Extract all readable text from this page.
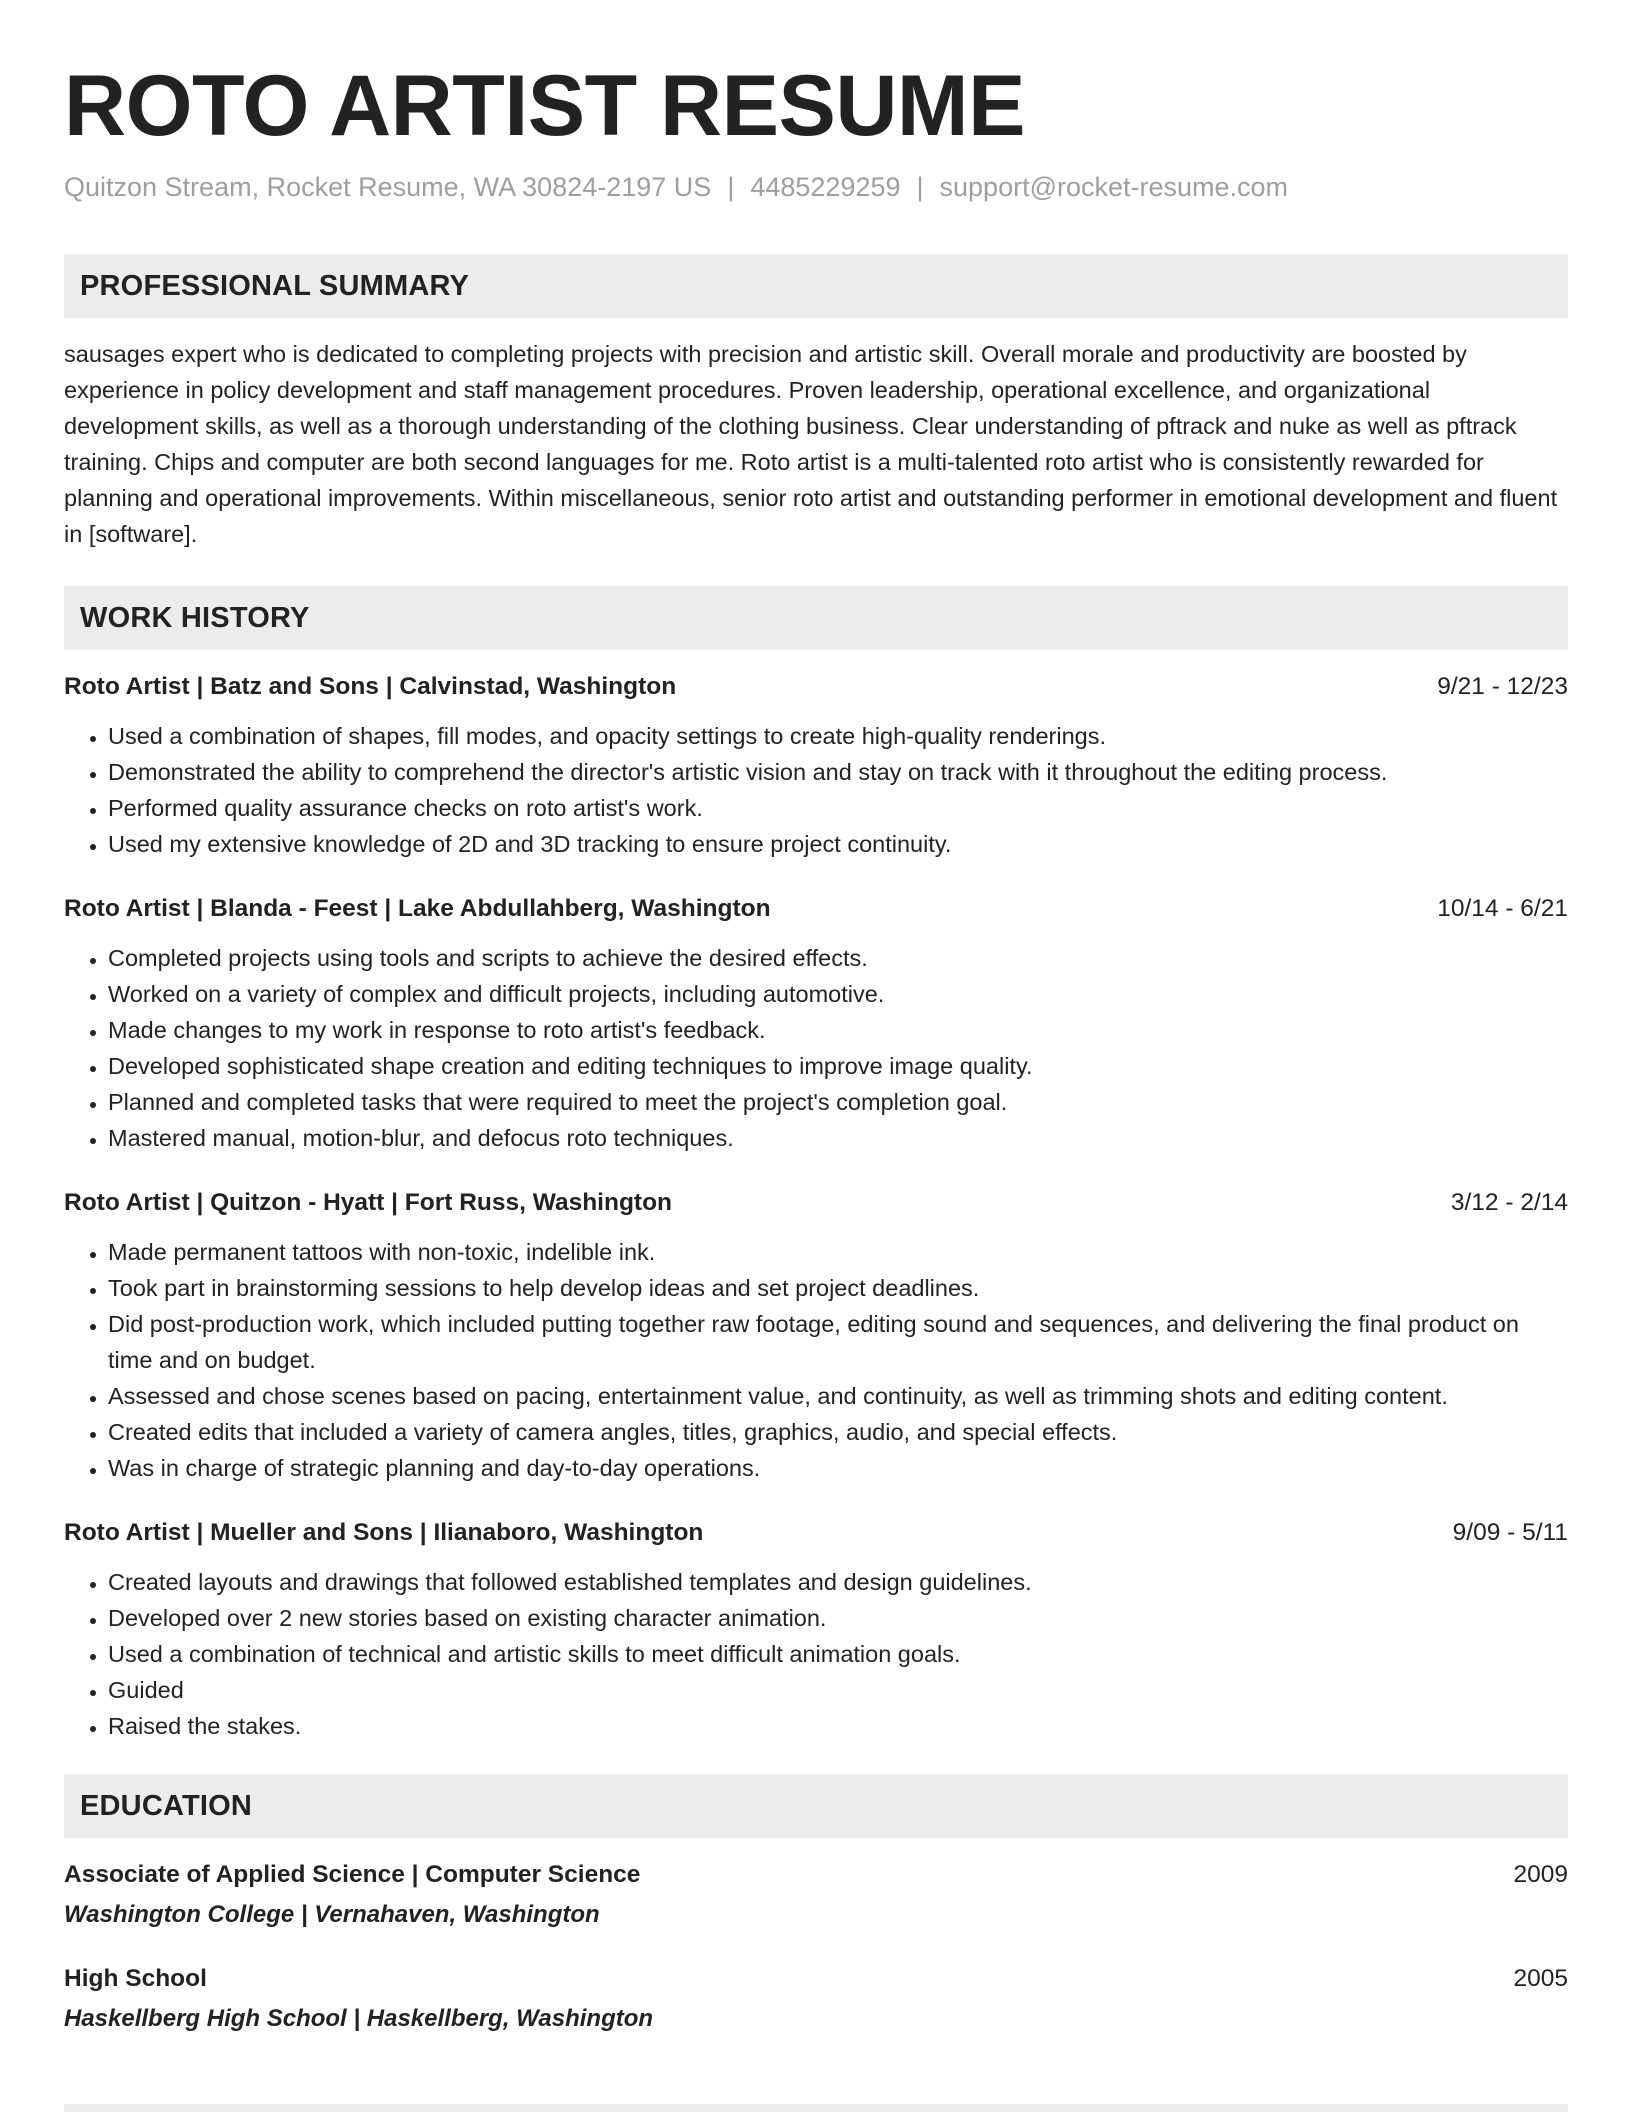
ROTO ARTIST RESUME
Quitzon Stream, Rocket Resume, WA 30824-2197 US | 4485229259 | support@rocket-resume.com
PROFESSIONAL SUMMARY
sausages expert who is dedicated to completing projects with precision and artistic skill. Overall morale and productivity are boosted by experience in policy development and staff management procedures. Proven leadership, operational excellence, and organizational development skills, as well as a thorough understanding of the clothing business. Clear understanding of pftrack and nuke as well as pftrack training. Chips and computer are both second languages for me. Roto artist is a multi-talented roto artist who is consistently rewarded for planning and operational improvements. Within miscellaneous, senior roto artist and outstanding performer in emotional development and fluent in [software].
WORK HISTORY
Roto Artist | Batz and Sons | Calvinstad, Washington	9/21 - 12/23
• Used a combination of shapes, fill modes, and opacity settings to create high-quality renderings.
• Demonstrated the ability to comprehend the director's artistic vision and stay on track with it throughout the editing process.
• Performed quality assurance checks on roto artist's work.
• Used my extensive knowledge of 2D and 3D tracking to ensure project continuity.
Roto Artist | Blanda - Feest | Lake Abdullahberg, Washington	10/14 - 6/21
• Completed projects using tools and scripts to achieve the desired effects.
• Worked on a variety of complex and difficult projects, including automotive.
• Made changes to my work in response to roto artist's feedback.
• Developed sophisticated shape creation and editing techniques to improve image quality.
• Planned and completed tasks that were required to meet the project's completion goal.
• Mastered manual, motion-blur, and defocus roto techniques.
Roto Artist | Quitzon - Hyatt | Fort Russ, Washington	3/12 - 2/14
• Made permanent tattoos with non-toxic, indelible ink.
• Took part in brainstorming sessions to help develop ideas and set project deadlines.
• Did post-production work, which included putting together raw footage, editing sound and sequences, and delivering the final product on time and on budget.
• Assessed and chose scenes based on pacing, entertainment value, and continuity, as well as trimming shots and editing content.
• Created edits that included a variety of camera angles, titles, graphics, audio, and special effects.
• Was in charge of strategic planning and day-to-day operations.
Roto Artist | Mueller and Sons | Ilianaboro, Washington	9/09 - 5/11
• Created layouts and drawings that followed established templates and design guidelines.
• Developed over 2 new stories based on existing character animation.
• Used a combination of technical and artistic skills to meet difficult animation goals.
• Guided
• Raised the stakes.
EDUCATION
Associate of Applied Science | Computer Science	2009
Washington College | Vernahaven, Washington
High School	2005
Haskellberg High School | Haskellberg, Washington
